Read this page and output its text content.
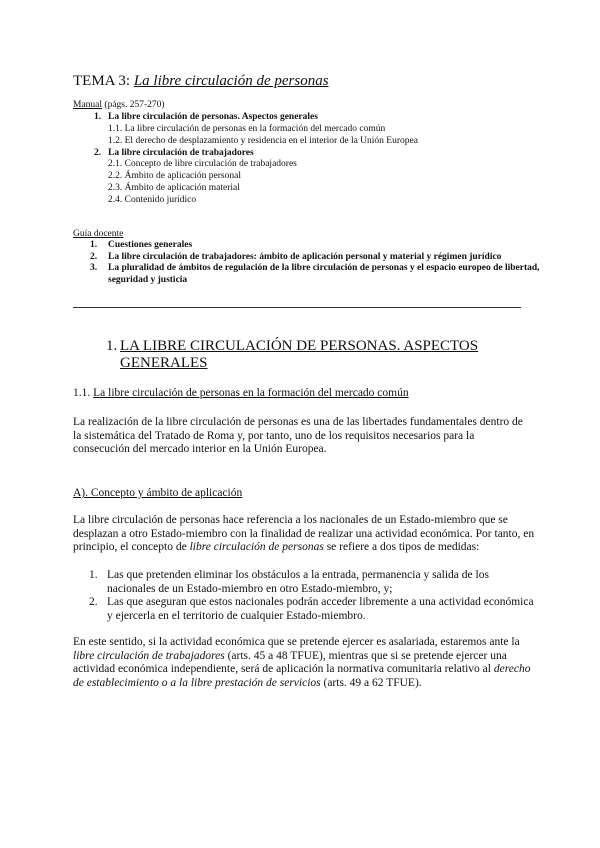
TEMA 3: La libre circulación de personas
Manual (págs. 257-270)
1. La libre circulación de personas. Aspectos generales
1.1. La libre circulación de personas en la formación del mercado común
1.2. El derecho de desplazamiento y residencia en el interior de la Unión Europea
2. La libre circulación de trabajadores
2.1. Concepto de libre circulación de trabajadores
2.2. Ámbito de aplicación personal
2.3. Ámbito de aplicación material
2.4. Contenido jurídico
Guía docente
1. Cuestiones generales
2. La libre circulación de trabajadores: ámbito de aplicación personal y material y régimen jurídico
3. La pluralidad de ámbitos de regulación de la libre circulación de personas y el espacio europeo de libertad, seguridad y justicia
1. LA LIBRE CIRCULACIÓN DE PERSONAS. ASPECTOS GENERALES
1.1. La libre circulación de personas en la formación del mercado común
La realización de la libre circulación de personas es una de las libertades fundamentales dentro de la sistemática del Tratado de Roma y, por tanto, uno de los requisitos necesarios para la consecución del mercado interior en la Unión Europea.
A). Concepto y ámbito de aplicación
La libre circulación de personas hace referencia a los nacionales de un Estado-miembro que se desplazan a otro Estado-miembro con la finalidad de realizar una actividad económica. Por tanto, en principio, el concepto de libre circulación de personas se refiere a dos tipos de medidas:
1. Las que pretenden eliminar los obstáculos a la entrada, permanencia y salida de los nacionales de un Estado-miembro en otro Estado-miembro, y;
2. Las que aseguran que estos nacionales podrán acceder libremente a una actividad económica y ejercerla en el territorio de cualquier Estado-miembro.
En este sentido, si la actividad económica que se pretende ejercer es asalariada, estaremos ante la libre circulación de trabajadores (arts. 45 a 48 TFUE), mientras que si se pretende ejercer una actividad económica independiente, será de aplicación la normativa comunitaria relativo al derecho de establecimiento o a la libre prestación de servicios (arts. 49 a 62 TFUE).
